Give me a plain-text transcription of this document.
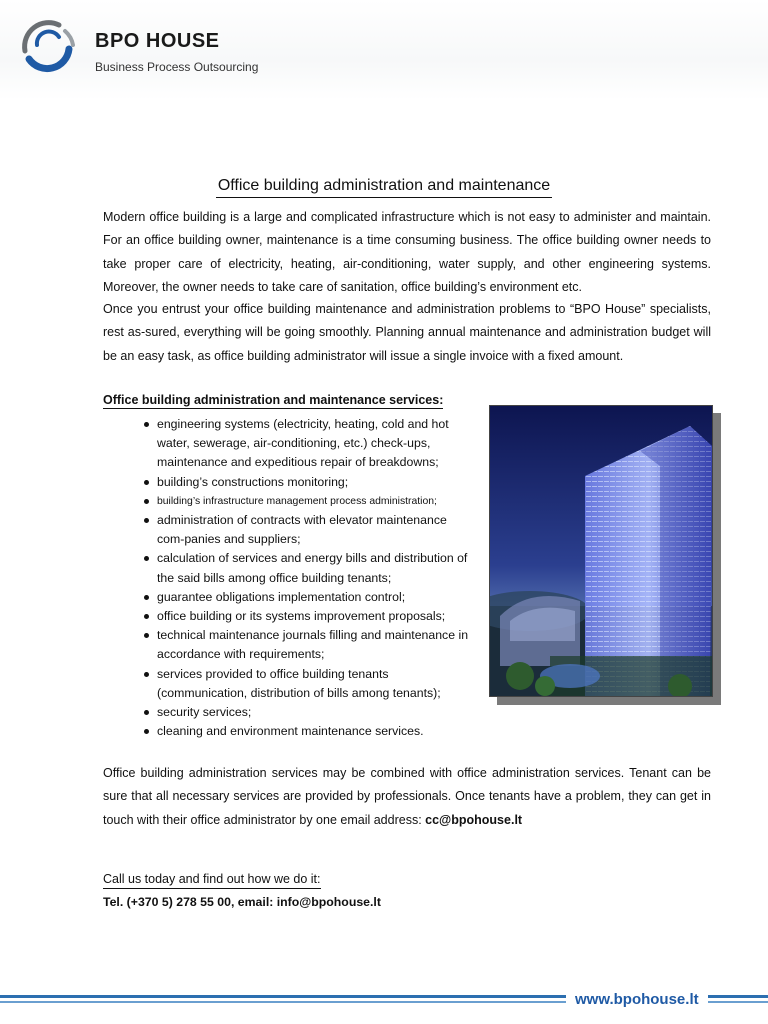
BPO HOUSE
Business Process Outsourcing
Office building administration and maintenance

Modern office building is a large and complicated infrastructure which is not easy to administer and maintain. For an office building owner, maintenance is a time consuming business. The office building owner needs to take proper care of electricity, heating, air-conditioning, water supply, and other engineering systems. Moreover, the owner needs to take care of sanitation, office building’s environment etc.

Once you entrust your office building maintenance and administration problems to “BPO House” specialists, rest as-sured, everything will be going smoothly. Planning annual maintenance and administration budget will be an easy task, as office building administrator will issue a single invoice with a fixed amount.

Office building administration and maintenance services:
engineering systems (electricity, heating, cold and hot water, sewerage, air-conditioning, etc.) check-ups, maintenance and expeditious repair of breakdowns;
building’s constructions monitoring;
building’s infrastructure management process administration;
administration of contracts with elevator maintenance com-panies and suppliers;
calculation of services and energy bills and distribution of the said bills among office building tenants;
guarantee obligations implementation control;
office building or its systems improvement proposals;
technical maintenance journals filling and maintenance in accordance with requirements;
services provided to office building tenants (communication, distribution of bills among tenants);
security services;
cleaning and environment maintenance services.

Office building administration services may be combined with office administration services. Tenant can be sure that all necessary services are provided by professionals. Once tenants have a problem, they can get in touch with their office administrator by one email address: cc@bpohouse.lt

Call us today and find out how we do it:
Tel. (+370 5) 278 55 00, email: info@bpohouse.lt
www.bpohouse.lt
